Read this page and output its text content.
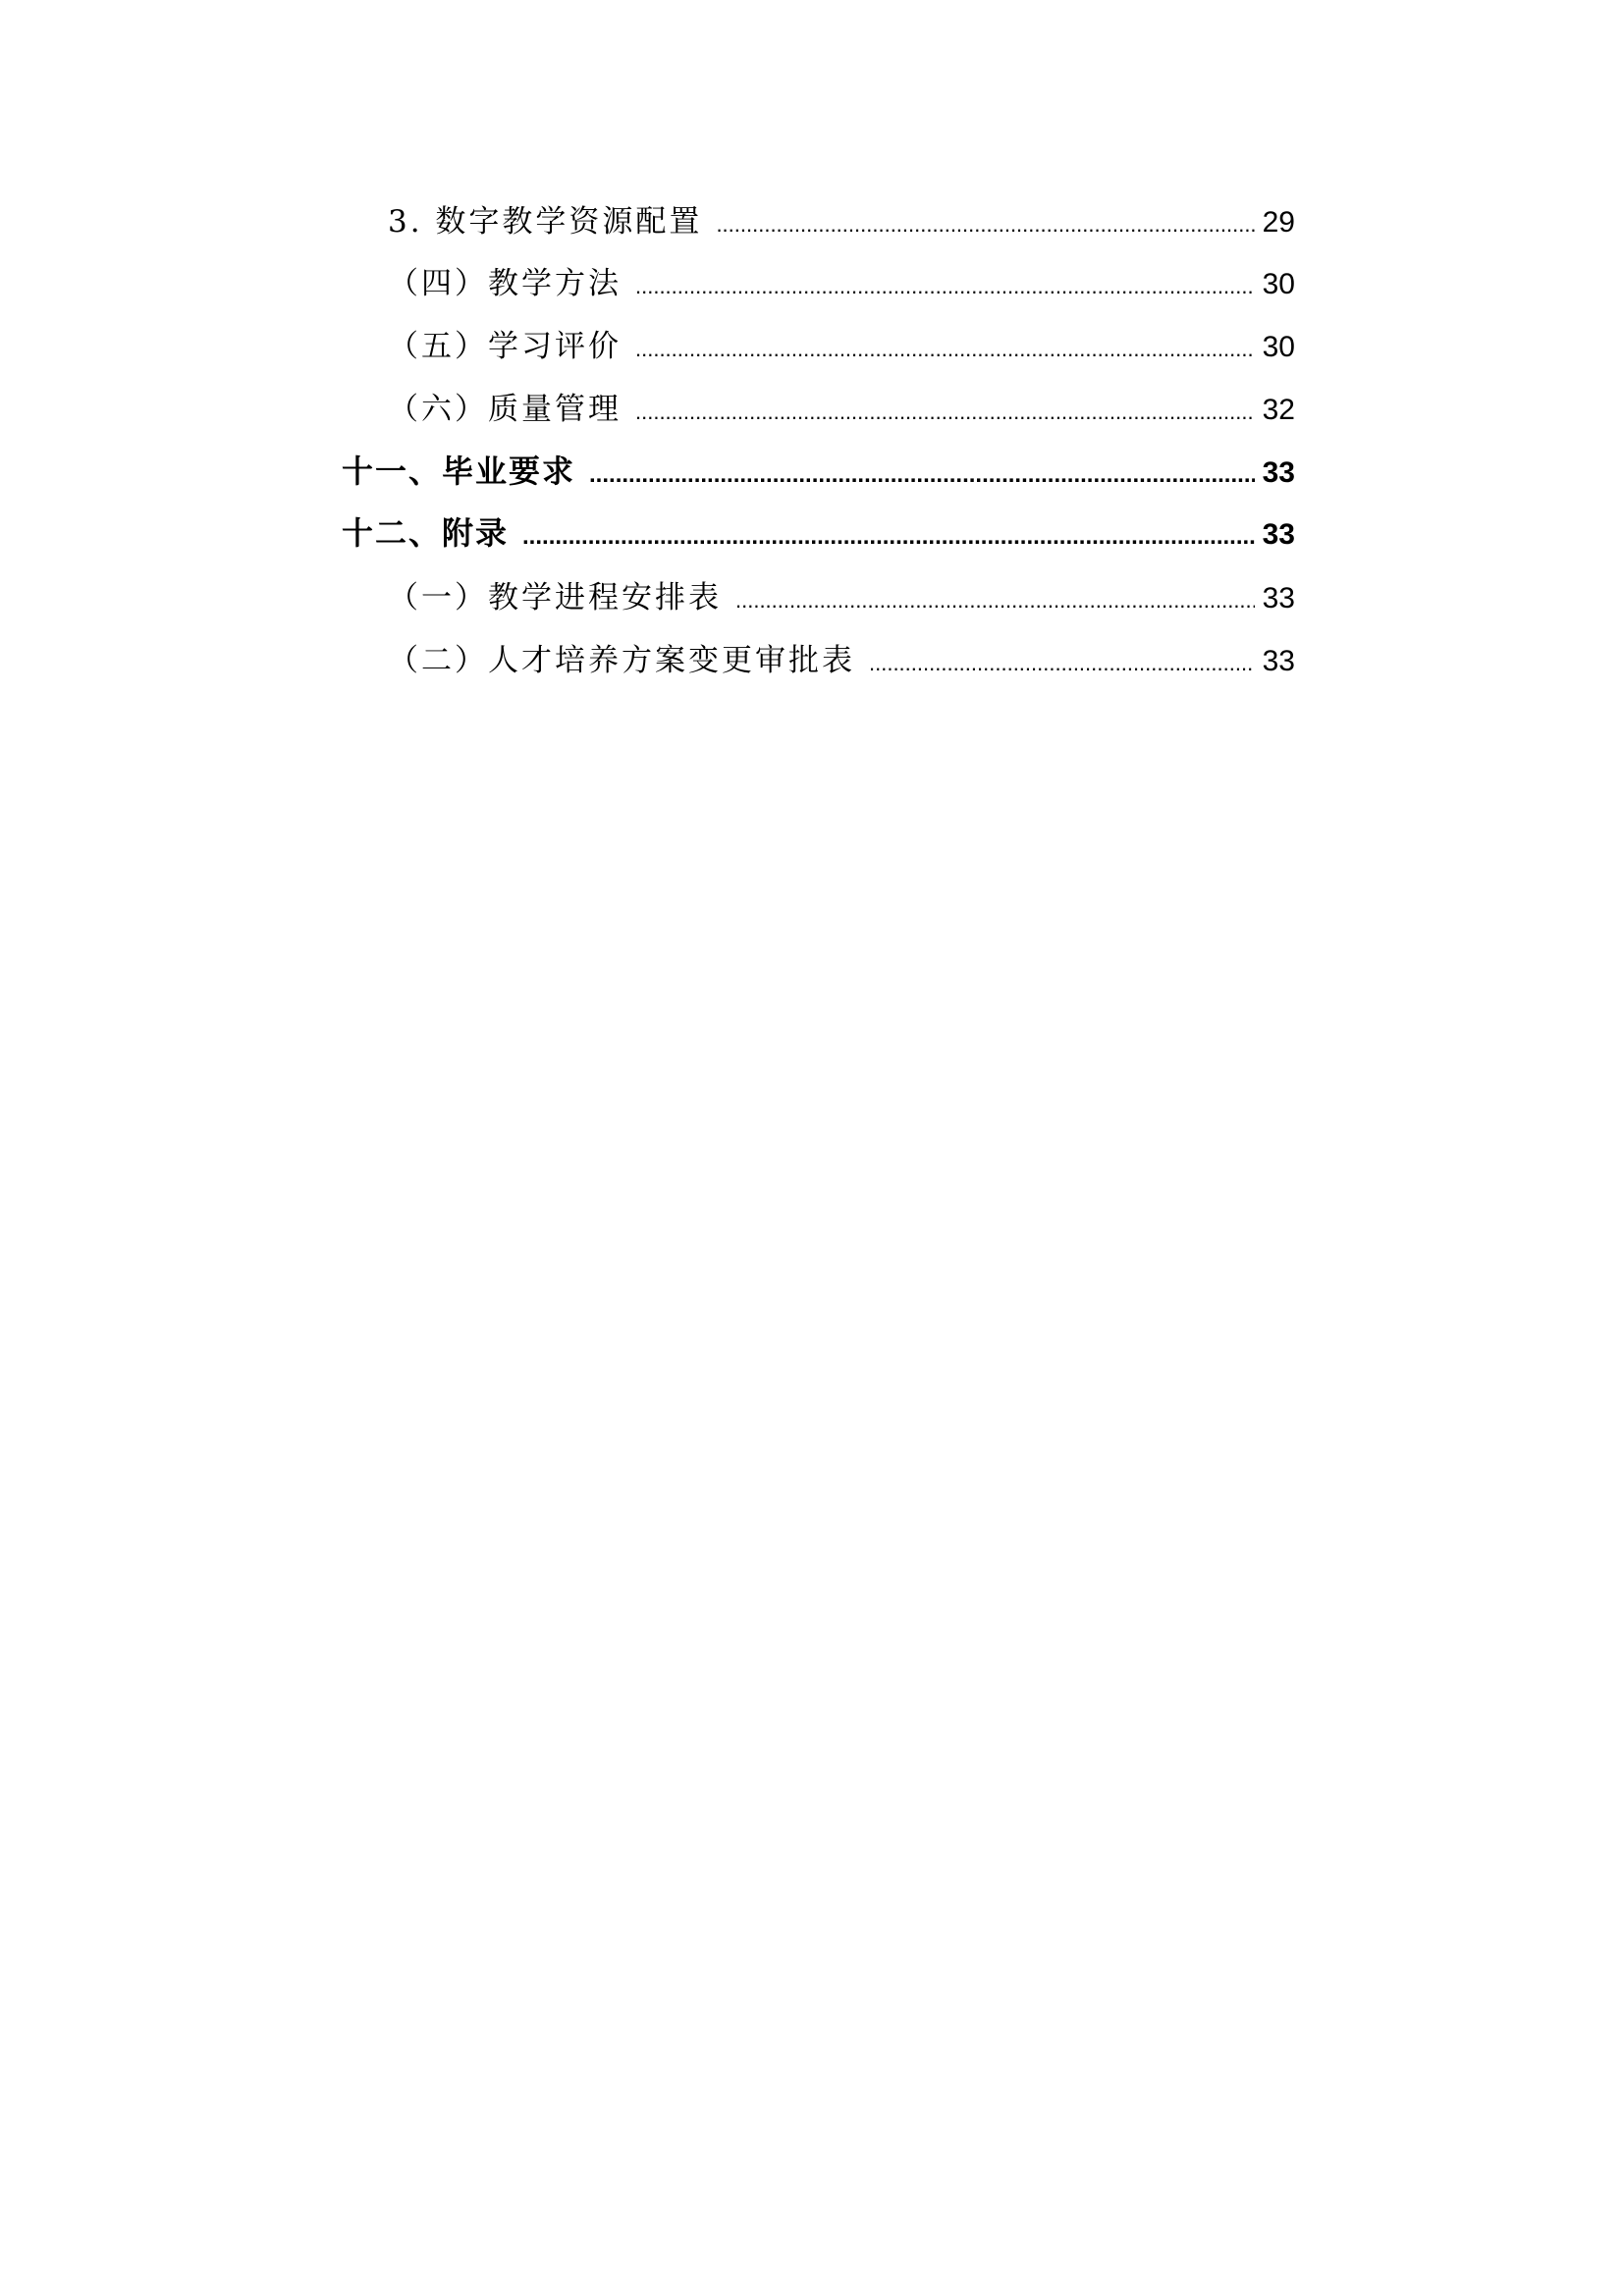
3. 数字教学资源配置 .....	29
（四）教学方法 .....	30
（五）学习评价 .....	30
（六）质量管理 .....	32
十一、毕业要求 .....	33
十二、附录 .....	33
（一）教学进程安排表 .....	33
（二）人才培养方案变更审批表 .....	33
